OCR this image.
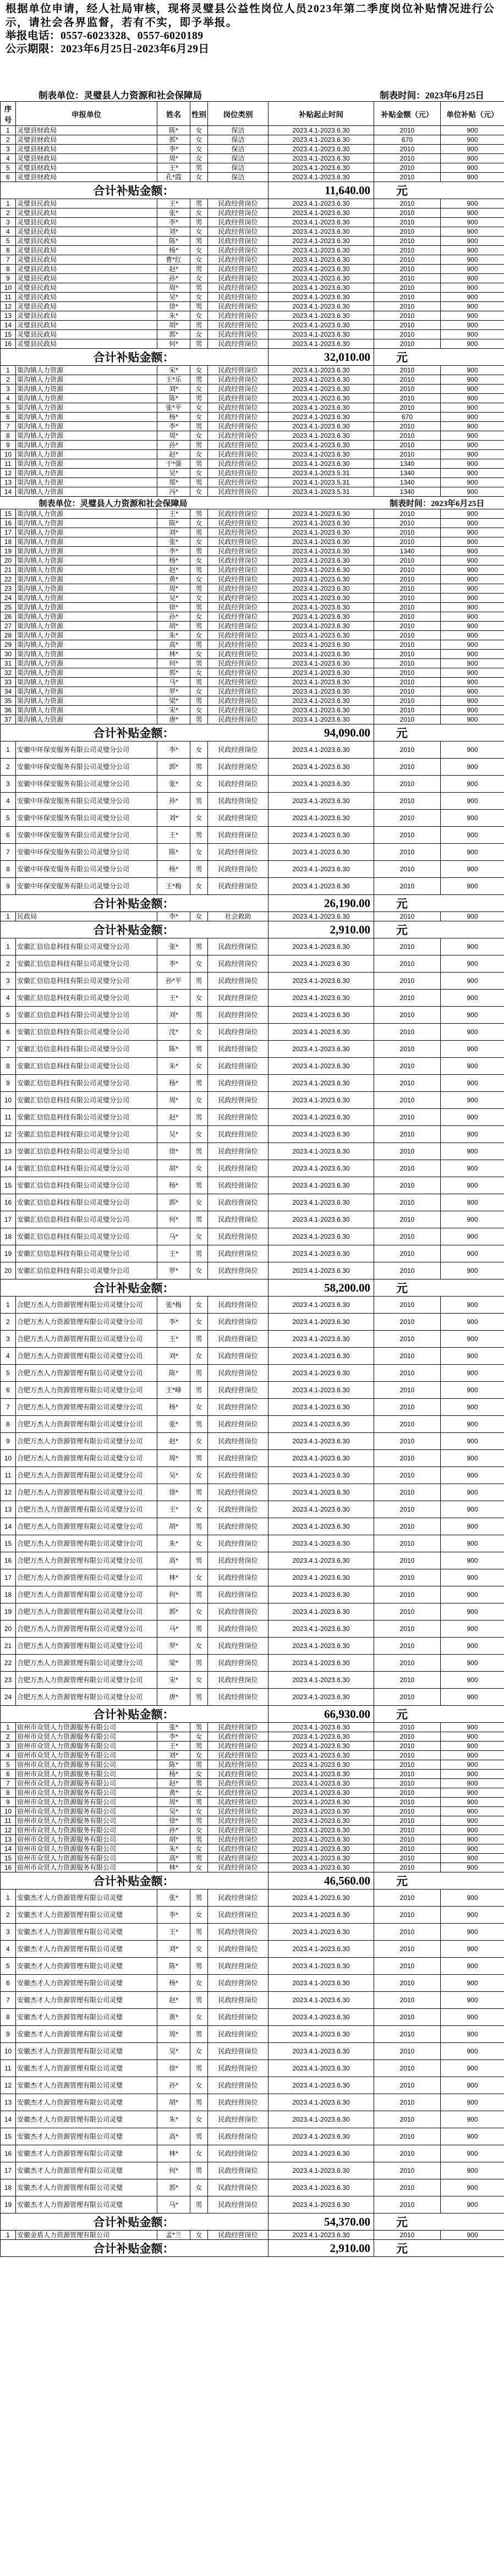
根据单位申请，经人社局审核，现将灵璧县公益性岗位人员2023年第二季度岗位补贴情况进行公示，请社会各界监督，若有不实，即予举报。

举报电话：0557-6023328、0557-6020189

公示期限：2023年6月25日-2023年6月29日

制表单位：灵璧县人力资源和社会保障局	制表时间：2023年6月25日
序号	申报单位	姓名	性别	岗位类别	补贴起止时间	补贴金额（元）	单位补贴（元）
1	灵璧县财政局	陈*	女	保洁	2023.4.1-2023.6.30	2010	900
2	灵璧县财政局	郭*	女	保洁	2023.4.1-2023.6.30	670	900
3	灵璧县财政局	李*	女	保洁	2023.4.1-2023.6.30	2010	900
4	灵璧县财政局	周*	女	保洁	2023.4.1-2023.6.30	2010	900
5	灵璧县财政局	王*	男	保洁	2023.4.1-2023.6.30	2010	900
6	灵璧县财政局	孔*霞	女	保洁	2023.4.1-2023.6.30	2010	900
合计补贴金额：					11,640.00	元	
1	灵璧县民政局	王*	男	民政经营岗位	2023.4.1-2023.6.30	2010	900
2	灵璧县民政局	张*	女	民政经营岗位	2023.4.1-2023.6.30	2010	900
3	灵璧县民政局	李*	男	民政经营岗位	2023.4.1-2023.6.30	2010	900
4	灵璧县民政局	刘*	女	民政经营岗位	2023.4.1-2023.6.30	2010	900
5	灵璧县民政局	陈*	男	民政经营岗位	2023.4.1-2023.6.30	2010	900
6	灵璧县民政局	杨*	女	民政经营岗位	2023.4.1-2023.6.30	2010	900
7	灵璧县民政局	曹*红	女	民政经营岗位	2023.4.1-2023.6.30	2010	900
8	灵璧县民政局	赵*	男	民政经营岗位	2023.4.1-2023.6.30	2010	900
9	灵璧县民政局	孙*	女	民政经营岗位	2023.4.1-2023.6.30	2010	900
10	灵璧县民政局	周*	男	民政经营岗位	2023.4.1-2023.6.30	2010	900
11	灵璧县民政局	吴*	女	民政经营岗位	2023.4.1-2023.6.30	2010	900
12	灵璧县民政局	徐*	男	民政经营岗位	2023.4.1-2023.6.30	2010	900
13	灵璧县民政局	朱*	女	民政经营岗位	2023.4.1-2023.6.30	2010	900
14	灵璧县民政局	胡*	男	民政经营岗位	2023.4.1-2023.6.30	2010	900
15	灵璧县民政局	郭*	女	民政经营岗位	2023.4.1-2023.6.30	2010	900
16	灵璧县民政局	何*	男	民政经营岗位	2023.4.1-2023.6.30	2010	900
合计补贴金额：					32,010.00	元	
1	渠沟镇人力资源	宋*	女	民政经营岗位	2023.4.1-2023.6.30	2010	900
2	渠沟镇人力资源	王*乐	男	民政经营岗位	2023.4.1-2023.6.30	2010	900
3	渠沟镇人力资源	刘*	女	民政经营岗位	2023.4.1-2023.6.30	2010	900
4	渠沟镇人力资源	陈*	男	民政经营岗位	2023.4.1-2023.6.30	2010	900
5	渠沟镇人力资源	张*平	女	民政经营岗位	2023.4.1-2023.6.30	2010	900
6	渠沟镇人力资源	杨*	女	民政经营岗位	2023.4.1-2023.6.30	670	900
7	渠沟镇人力资源	李*	男	民政经营岗位	2023.4.1-2023.6.30	2010	900
8	渠沟镇人力资源	周*	女	民政经营岗位	2023.4.1-2023.6.30	2010	900
9	渠沟镇人力资源	孙*	男	民政经营岗位	2023.4.1-2023.6.30	2010	900
10	渠沟镇人力资源	赵*	女	民政经营岗位	2023.4.1-2023.6.30	2010	900
11	渠沟镇人力资源	于*强	男	民政经营岗位	2023.4.1-2023.6.30	1340	900
12	渠沟镇人力资源	吴*	女	民政经营岗位	2023.4.1-2023.5.31	1340	900
13	渠沟镇人力资源	郑*	男	民政经营岗位	2023.4.1-2023.5.31	1340	900
14	渠沟镇人力资源	冯*	女	民政经营岗位	2023.4.1-2023.5.31	1340	900
制表单位：灵璧县人力资源和社会保障局					制表时间：2023年6月25日		
15	渠沟镇人力资源	王*	男	民政经营岗位	2023.4.1-2023.6.30	2010	900
16	渠沟镇人力资源	陈*	女	民政经营岗位	2023.4.1-2023.6.30	2010	900
17	渠沟镇人力资源	刘*	男	民政经营岗位	2023.4.1-2023.6.30	2010	900
18	渠沟镇人力资源	张*	女	民政经营岗位	2023.4.1-2023.6.30	2010	900
19	渠沟镇人力资源	李*	男	民政经营岗位	2023.4.1-2023.6.30	1340	900
20	渠沟镇人力资源	杨*	女	民政经营岗位	2023.4.1-2023.6.30	2010	900
21	渠沟镇人力资源	赵*	男	民政经营岗位	2023.4.1-2023.6.30	2010	900
22	渠沟镇人力资源	黄*	女	民政经营岗位	2023.4.1-2023.6.30	2010	900
23	渠沟镇人力资源	周*	男	民政经营岗位	2023.4.1-2023.6.30	2010	900
24	渠沟镇人力资源	吴*	女	民政经营岗位	2023.4.1-2023.6.30	2010	900
25	渠沟镇人力资源	徐*	男	民政经营岗位	2023.4.1-2023.6.30	2010	900
26	渠沟镇人力资源	孙*	女	民政经营岗位	2023.4.1-2023.6.30	2010	900
27	渠沟镇人力资源	胡*	男	民政经营岗位	2023.4.1-2023.6.30	2010	900
28	渠沟镇人力资源	朱*	女	民政经营岗位	2023.4.1-2023.6.30	2010	900
29	渠沟镇人力资源	高*	男	民政经营岗位	2023.4.1-2023.6.30	2010	900
30	渠沟镇人力资源	林*	女	民政经营岗位	2023.4.1-2023.6.30	2010	900
31	渠沟镇人力资源	何*	男	民政经营岗位	2023.4.1-2023.6.30	2010	900
32	渠沟镇人力资源	郭*	女	民政经营岗位	2023.4.1-2023.6.30	2010	900
33	渠沟镇人力资源	马*	男	民政经营岗位	2023.4.1-2023.6.30	2010	900
34	渠沟镇人力资源	罗*	女	民政经营岗位	2023.4.1-2023.6.30	2010	900
35	渠沟镇人力资源	梁*	男	民政经营岗位	2023.4.1-2023.6.30	2010	900
36	渠沟镇人力资源	宋*	女	民政经营岗位	2023.4.1-2023.6.30	2010	900
37	渠沟镇人力资源	唐*	男	民政经营岗位	2023.4.1-2023.6.30	2010	900
合计补贴金额：					94,090.00	元	
1	安徽中环保安服务有限公司灵璧分公司	李*	女	民政经营岗位	2023.4.1-2023.6.30	2010	900
2	安徽中环保安服务有限公司灵璧分公司	郭*	男	民政经营岗位	2023.4.1-2023.6.30	2010	900
3	安徽中环保安服务有限公司灵璧分公司	张*	女	民政经营岗位	2023.4.1-2023.6.30	2010	900
4	安徽中环保安服务有限公司灵璧分公司	孙*	男	民政经营岗位	2023.4.1-2023.6.30	2010	900
5	安徽中环保安服务有限公司灵璧分公司	刘*	女	民政经营岗位	2023.4.1-2023.6.30	2010	900
6	安徽中环保安服务有限公司灵璧分公司	王*	男	民政经营岗位	2023.4.1-2023.6.30	2010	900
7	安徽中环保安服务有限公司灵璧分公司	陈*	女	民政经营岗位	2023.4.1-2023.6.30	2010	900
8	安徽中环保安服务有限公司灵璧分公司	杨*	男	民政经营岗位	2023.4.1-2023.6.30	2010	900
9	安徽中环保安服务有限公司灵璧分公司	王*梅	女	民政经营岗位	2023.4.1-2023.6.30	2010	900
合计补贴金额：					26,190.00	元	
1	民政局	李*	女	社会救助	2023.4.1-2023.6.30	2010	900
合计补贴金额：					2,910.00	元	
1	安徽汇信信息科技有限公司灵璧分公司	张*	男	民政经营岗位	2023.4.1-2023.6.30	2010	900
2	安徽汇信信息科技有限公司灵璧分公司	李*	女	民政经营岗位	2023.4.1-2023.6.30	2010	900
3	安徽汇信信息科技有限公司灵璧分公司	孙*平	男	民政经营岗位	2023.4.1-2023.6.30	2010	900
4	安徽汇信信息科技有限公司灵璧分公司	王*	女	民政经营岗位	2023.4.1-2023.6.30	2010	900
5	安徽汇信信息科技有限公司灵璧分公司	刘*	男	民政经营岗位	2023.4.1-2023.6.30	2010	900
6	安徽汇信信息科技有限公司灵璧分公司	沈*	女	民政经营岗位	2023.4.1-2023.6.30	2010	900
7	安徽汇信信息科技有限公司灵璧分公司	陈*	男	民政经营岗位	2023.4.1-2023.6.30	2010	900
8	安徽汇信信息科技有限公司灵璧分公司	朱*	女	民政经营岗位	2023.4.1-2023.6.30	2010	900
9	安徽汇信信息科技有限公司灵璧分公司	杨*	男	民政经营岗位	2023.4.1-2023.6.30	2010	900
10	安徽汇信信息科技有限公司灵璧分公司	周*	女	民政经营岗位	2023.4.1-2023.6.30	2010	900
11	安徽汇信信息科技有限公司灵璧分公司	赵*	男	民政经营岗位	2023.4.1-2023.6.30	2010	900
12	安徽汇信信息科技有限公司灵璧分公司	吴*	女	民政经营岗位	2023.4.1-2023.6.30	2010	900
13	安徽汇信信息科技有限公司灵璧分公司	徐*	男	民政经营岗位	2023.4.1-2023.6.30	2010	900
14	安徽汇信信息科技有限公司灵璧分公司	胡*	女	民政经营岗位	2023.4.1-2023.6.30	2010	900
15	安徽汇信信息科技有限公司灵璧分公司	杨*	男	民政经营岗位	2023.4.1-2023.6.30	2010	900
16	安徽汇信信息科技有限公司灵璧分公司	郭*	女	民政经营岗位	2023.4.1-2023.6.30	2010	900
17	安徽汇信信息科技有限公司灵璧分公司	何*	男	民政经营岗位	2023.4.1-2023.6.30	2010	900
18	安徽汇信信息科技有限公司灵璧分公司	马*	女	民政经营岗位	2023.4.1-2023.6.30	2010	900
19	安徽汇信信息科技有限公司灵璧分公司	王*	男	民政经营岗位	2023.4.1-2023.6.30	2010	900
20	安徽汇信信息科技有限公司灵璧分公司	罗*	女	民政经营岗位	2023.4.1-2023.6.30	2010	900
合计补贴金额：					58,200.00	元	
1	合肥万杰人力资源管理有限公司灵璧分公司	张*梅	女	民政经营岗位	2023.4.1-2023.6.30	2010	900
2	合肥万杰人力资源管理有限公司灵璧分公司	李*	女	民政经营岗位	2023.4.1-2023.6.30	2010	900
3	合肥万杰人力资源管理有限公司灵璧分公司	王*	男	民政经营岗位	2023.4.1-2023.6.30	2010	900
4	合肥万杰人力资源管理有限公司灵璧分公司	刘*	女	民政经营岗位	2023.4.1-2023.6.30	2010	900
5	合肥万杰人力资源管理有限公司灵璧分公司	陈*	男	民政经营岗位	2023.4.1-2023.6.30	2010	900
6	合肥万杰人力资源管理有限公司灵璧分公司	王*峰	男	民政经营岗位	2023.4.1-2023.6.30	2010	900
7	合肥万杰人力资源管理有限公司灵璧分公司	杨*	女	民政经营岗位	2023.4.1-2023.6.30	2010	900
8	合肥万杰人力资源管理有限公司灵璧分公司	张*	男	民政经营岗位	2023.4.1-2023.6.30	2010	900
9	合肥万杰人力资源管理有限公司灵璧分公司	赵*	女	民政经营岗位	2023.4.1-2023.6.30	2010	900
10	合肥万杰人力资源管理有限公司灵璧分公司	周*	男	民政经营岗位	2023.4.1-2023.6.30	2010	900
11	合肥万杰人力资源管理有限公司灵璧分公司	吴*	女	民政经营岗位	2023.4.1-2023.6.30	2010	900
12	合肥万杰人力资源管理有限公司灵璧分公司	徐*	男	民政经营岗位	2023.4.1-2023.6.30	2010	900
13	合肥万杰人力资源管理有限公司灵璧分公司	王*	女	民政经营岗位	2023.4.1-2023.6.30	2010	900
14	合肥万杰人力资源管理有限公司灵璧分公司	胡*	男	民政经营岗位	2023.4.1-2023.6.30	2010	900
15	合肥万杰人力资源管理有限公司灵璧分公司	朱*	女	民政经营岗位	2023.4.1-2023.6.30	2010	900
16	合肥万杰人力资源管理有限公司灵璧分公司	高*	男	民政经营岗位	2023.4.1-2023.6.30	2010	900
17	合肥万杰人力资源管理有限公司灵璧分公司	林*	女	民政经营岗位	2023.4.1-2023.6.30	2010	900
18	合肥万杰人力资源管理有限公司灵璧分公司	何*	男	民政经营岗位	2023.4.1-2023.6.30	2010	900
19	合肥万杰人力资源管理有限公司灵璧分公司	郭*	女	民政经营岗位	2023.4.1-2023.6.30	2010	900
20	合肥万杰人力资源管理有限公司灵璧分公司	马*	男	民政经营岗位	2023.4.1-2023.6.30	2010	900
21	合肥万杰人力资源管理有限公司灵璧分公司	罗*	女	民政经营岗位	2023.4.1-2023.6.30	2010	900
22	合肥万杰人力资源管理有限公司灵璧分公司	梁*	男	民政经营岗位	2023.4.1-2023.6.30	2010	900
23	合肥万杰人力资源管理有限公司灵璧分公司	宋*	女	民政经营岗位	2023.4.1-2023.6.30	2010	900
24	合肥万杰人力资源管理有限公司灵璧分公司	唐*	男	民政经营岗位	2023.4.1-2023.6.30	2010	900
合计补贴金额：					66,930.00	元	
1	宿州市众贤人力资源服务有限公司	张*	男	民政经营岗位	2023.4.1-2023.6.30	2010	900
2	宿州市众贤人力资源服务有限公司	李*	女	民政经营岗位	2023.4.1-2023.6.30	2010	900
3	宿州市众贤人力资源服务有限公司	王*	男	民政经营岗位	2023.4.1-2023.6.30	2010	900
4	宿州市众贤人力资源服务有限公司	刘*	女	民政经营岗位	2023.4.1-2023.6.30	2010	900
5	宿州市众贤人力资源服务有限公司	陈*	男	民政经营岗位	2023.4.1-2023.6.30	2010	900
6	宿州市众贤人力资源服务有限公司	杨*	女	民政经营岗位	2023.4.1-2023.6.30	2010	900
7	宿州市众贤人力资源服务有限公司	赵*	男	民政经营岗位	2023.4.1-2023.6.30	2010	900
8	宿州市众贤人力资源服务有限公司	黄*	女	民政经营岗位	2023.4.1-2023.6.30	2010	900
9	宿州市众贤人力资源服务有限公司	周*	男	民政经营岗位	2023.4.1-2023.6.30	2010	900
10	宿州市众贤人力资源服务有限公司	吴*	女	民政经营岗位	2023.4.1-2023.6.30	2010	900
11	宿州市众贤人力资源服务有限公司	徐*	男	民政经营岗位	2023.4.1-2023.6.30	2010	900
12	宿州市众贤人力资源服务有限公司	孙*	女	民政经营岗位	2023.4.1-2023.6.30	2010	900
13	宿州市众贤人力资源服务有限公司	胡*	男	民政经营岗位	2023.4.1-2023.6.30	2010	900
14	宿州市众贤人力资源服务有限公司	朱*	女	民政经营岗位	2023.4.1-2023.6.30	2010	900
15	宿州市众贤人力资源服务有限公司	高*	男	民政经营岗位	2023.4.1-2023.6.30	2010	900
16	宿州市众贤人力资源服务有限公司	林*	女	民政经营岗位	2023.4.1-2023.6.30	2010	900
合计补贴金额：					46,560.00	元	
1	安徽杰才人力资源管理有限公司灵璧	张*	男	民政经营岗位	2023.4.1-2023.6.30	2010	900
2	安徽杰才人力资源管理有限公司灵璧	李*	女	民政经营岗位	2023.4.1-2023.6.30	2010	900
3	安徽杰才人力资源管理有限公司灵璧	王*	男	民政经营岗位	2023.4.1-2023.6.30	2010	900
4	安徽杰才人力资源管理有限公司灵璧	刘*	女	民政经营岗位	2023.4.1-2023.6.30	2010	900
5	安徽杰才人力资源管理有限公司灵璧	陈*	男	民政经营岗位	2023.4.1-2023.6.30	2010	900
6	安徽杰才人力资源管理有限公司灵璧	杨*	女	民政经营岗位	2023.4.1-2023.6.30	2010	900
7	安徽杰才人力资源管理有限公司灵璧	赵*	男	民政经营岗位	2023.4.1-2023.6.30	2010	900
8	安徽杰才人力资源管理有限公司灵璧	黄*	女	民政经营岗位	2023.4.1-2023.6.30	2010	900
9	安徽杰才人力资源管理有限公司灵璧	周*	男	民政经营岗位	2023.4.1-2023.6.30	2010	900
10	安徽杰才人力资源管理有限公司灵璧	吴*	女	民政经营岗位	2023.4.1-2023.6.30	2010	900
11	安徽杰才人力资源管理有限公司灵璧	徐*	男	民政经营岗位	2023.4.1-2023.6.30	2010	900
12	安徽杰才人力资源管理有限公司灵璧	孙*	女	民政经营岗位	2023.4.1-2023.6.30	2010	900
13	安徽杰才人力资源管理有限公司灵璧	胡*	男	民政经营岗位	2023.4.1-2023.6.30	2010	900
14	安徽杰才人力资源管理有限公司灵璧	朱*	女	民政经营岗位	2023.4.1-2023.6.30	2010	900
15	安徽杰才人力资源管理有限公司灵璧	高*	男	民政经营岗位	2023.4.1-2023.6.30	2010	900
16	安徽杰才人力资源管理有限公司灵璧	林*	女	民政经营岗位	2023.4.1-2023.6.30	2010	900
17	安徽杰才人力资源管理有限公司灵璧	何*	男	民政经营岗位	2023.4.1-2023.6.30	2010	900
18	安徽杰才人力资源管理有限公司灵璧	郭*	女	民政经营岗位	2023.4.1-2023.6.30	2010	900
19	安徽杰才人力资源管理有限公司灵璧	马*	男	民政经营岗位	2023.4.1-2023.6.30	2010	900
合计补贴金额：					54,370.00	元	
1	安徽金盾人力资源管理有限公司	孟*兰	女	民政经营岗位	2023.4.1-2023.6.30	2010	900
合计补贴金额：					2,910.00	元	
